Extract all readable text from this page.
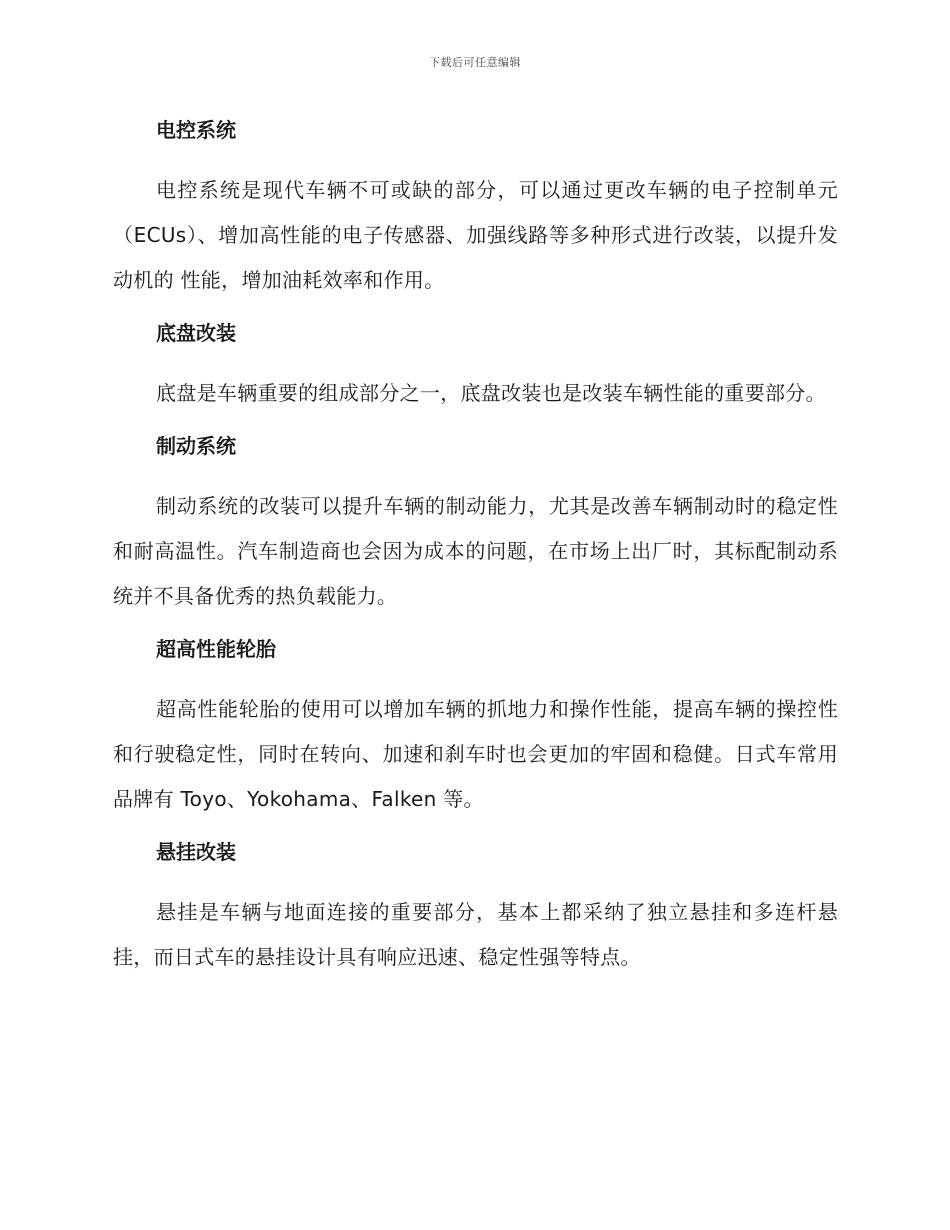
下载后可任意编辑
电控系统

电控系统是现代车辆不可或缺的部分，可以通过更改车辆的电子控制单元（ECUs）、增加高性能的电子传感器、加强线路等多种形式进行改装，以提升发动机的 性能，增加油耗效率和作用。

底盘改装

底盘是车辆重要的组成部分之一，底盘改装也是改装车辆性能的重要部分。

制动系统

制动系统的改装可以提升车辆的制动能力，尤其是改善车辆制动时的稳定性和耐高温性。汽车制造商也会因为成本的问题，在市场上出厂时，其标配制动系统并不具备优秀的热负载能力。

超高性能轮胎

超高性能轮胎的使用可以增加车辆的抓地力和操作性能，提高车辆的操控性和行驶稳定性，同时在转向、加速和刹车时也会更加的牢固和稳健。日式车常用品牌有 Toyo、Yokohama、Falken 等。

悬挂改装

悬挂是车辆与地面连接的重要部分，基本上都采纳了独立悬挂和多连杆悬挂，而日式车的悬挂设计具有响应迅速、稳定性强等特点。
